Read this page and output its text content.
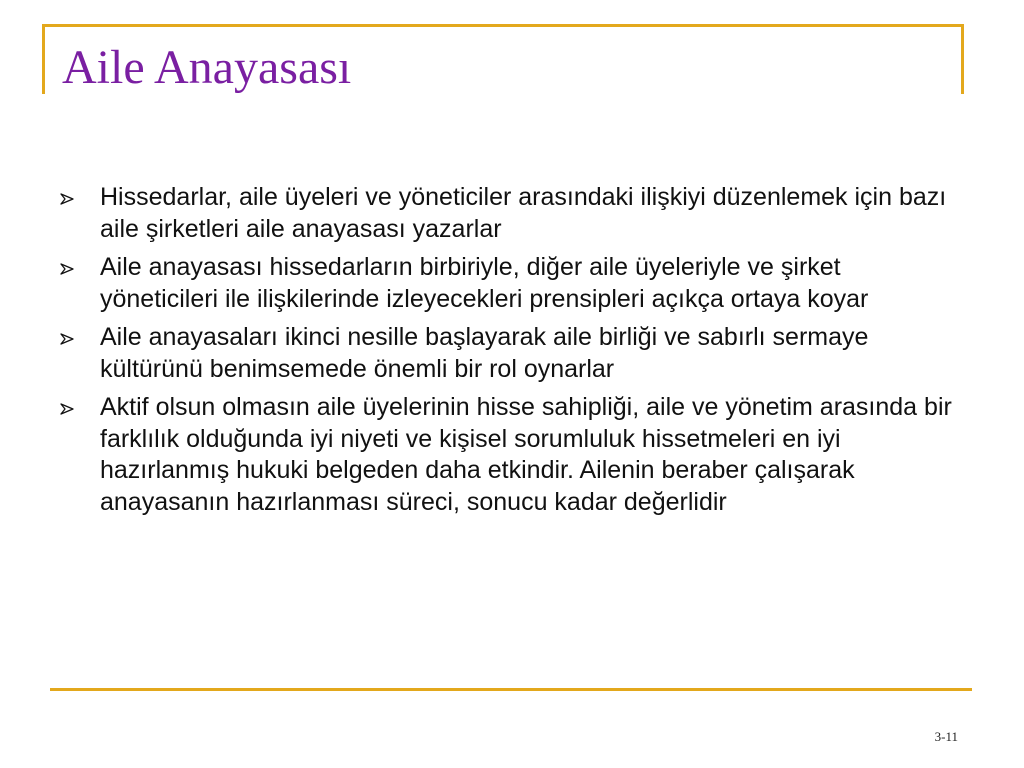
Aile Anayasası
Hissedarlar, aile üyeleri ve yöneticiler arasındaki ilişkiyi düzenlemek için bazı aile şirketleri aile anayasası yazarlar
Aile anayasası hissedarların birbiriyle, diğer aile üyeleriyle ve şirket yöneticileri ile ilişkilerinde izleyecekleri prensipleri açıkça ortaya koyar
Aile anayasaları ikinci nesille başlayarak aile birliği ve sabırlı sermaye kültürünü benimsemede önemli bir rol oynarlar
Aktif olsun olmasın aile üyelerinin hisse sahipliği, aile ve yönetim arasında bir farklılık olduğunda iyi niyeti ve kişisel sorumluluk hissetmeleri en iyi hazırlanmış hukuki belgeden daha etkindir. Ailenin beraber çalışarak anayasanın hazırlanması süreci, sonucu kadar değerlidir
3-11
